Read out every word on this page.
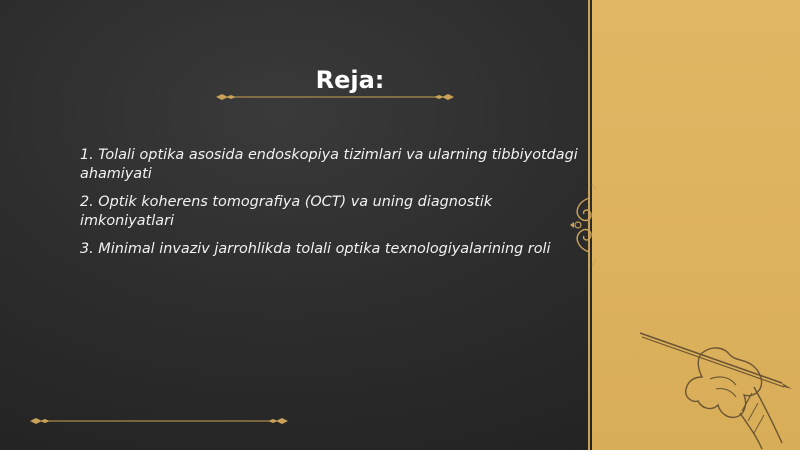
Reja:
1. Tolali optika asosida endoskopiya tizimlari va ularning tibbiyotdagi ahamiyati
2. Optik koherens tomografiya (OCT) va uning diagnostik imkoniyatlari
3. Minimal invaziv jarrohlikda tolali optika texnologiyalarining roli
